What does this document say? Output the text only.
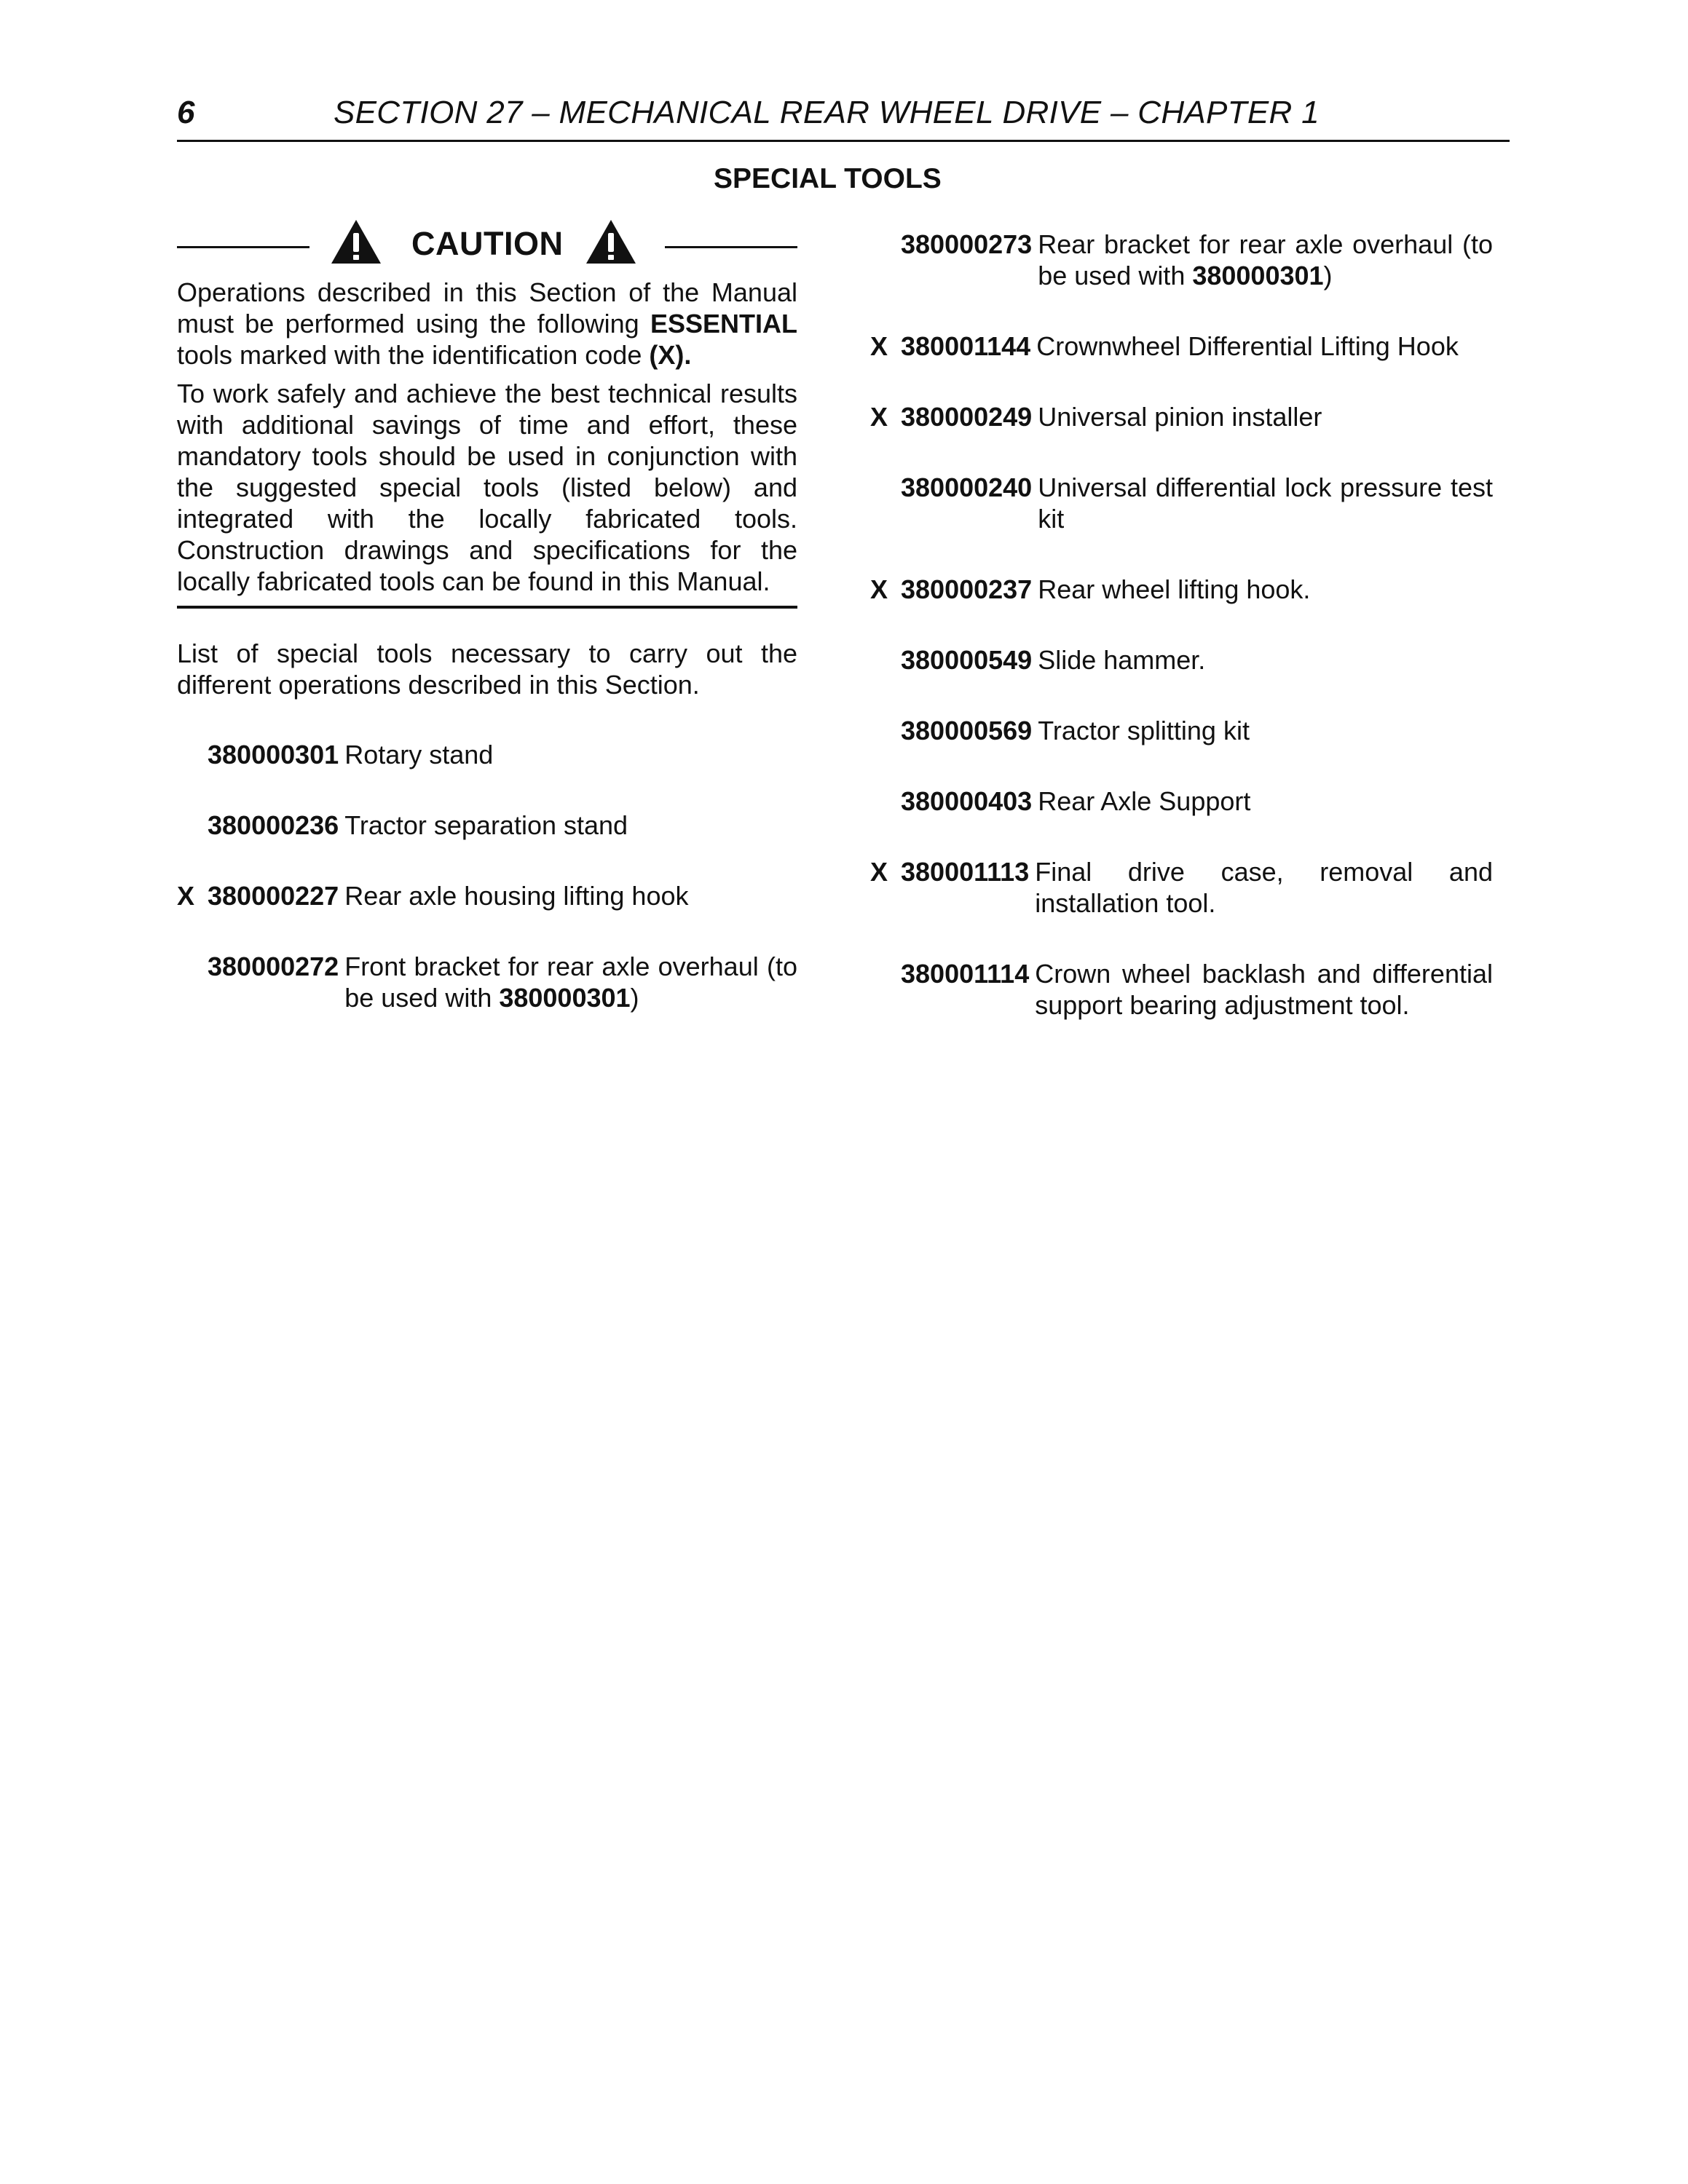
6	SECTION 27 – MECHANICAL REAR WHEEL DRIVE – CHAPTER 1
SPECIAL TOOLS
CAUTION

Operations described in this Section of the Manual must be performed using the following ESSENTIAL tools marked with the identification code (X).

To work safely and achieve the best technical results with additional savings of time and effort, these mandatory tools should be used in conjunction with the suggested special tools (listed below) and integrated with the locally fabricated tools. Construction drawings and specifications for the locally fabricated tools can be found in this Manual.

List of special tools necessary to carry out the different operations described in this Section.

380000301 Rotary stand
380000236 Tractor separation stand
X 380000227 Rear axle housing lifting hook
380000272 Front bracket for rear axle overhaul (to be used with 380000301)
380000273 Rear bracket for rear axle overhaul (to be used with 380000301)
X 380001144 Crownwheel Differential Lifting Hook
X 380000249 Universal pinion installer
380000240 Universal differential lock pressure test kit
X 380000237 Rear wheel lifting hook.
380000549 Slide hammer.
380000569 Tractor splitting kit
380000403 Rear Axle Support
X 380001113 Final drive case, removal and installation tool.
380001114 Crown wheel backlash and differential support bearing adjustment tool.
